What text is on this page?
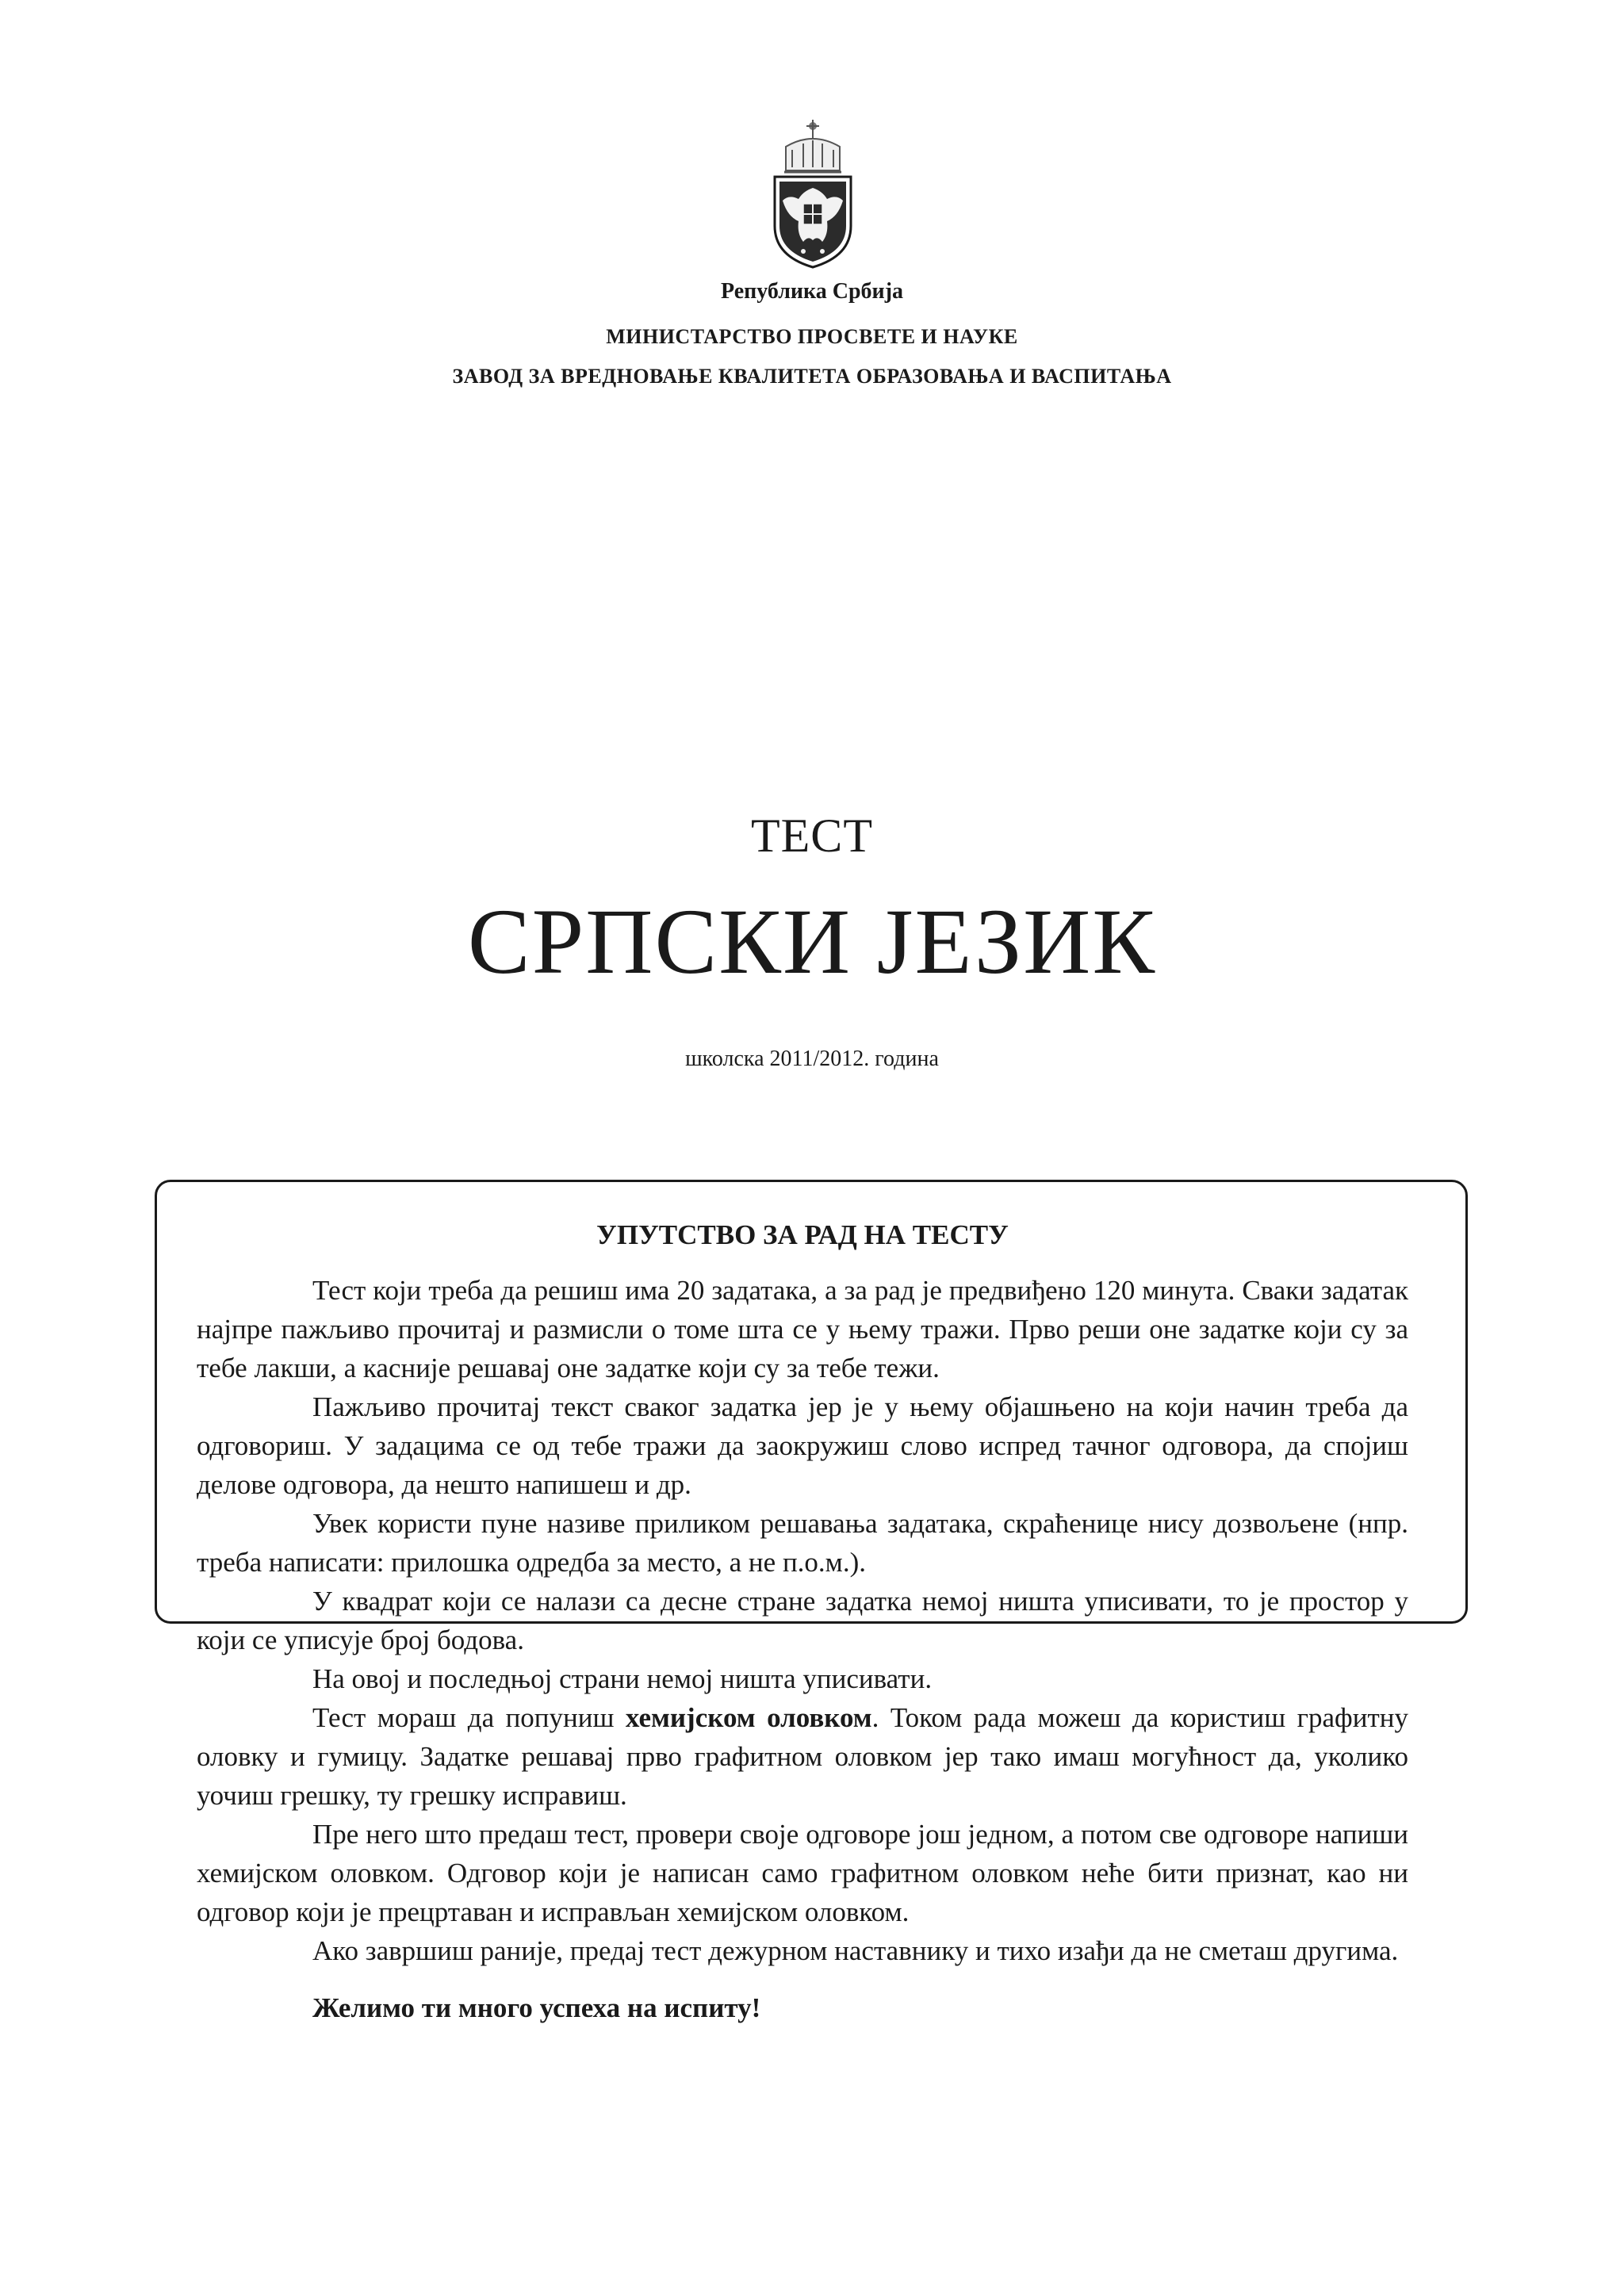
Република Србија
МИНИСТАРСТВО ПРОСВЕТЕ И НАУКЕ
ЗАВОД ЗА ВРЕДНОВАЊЕ КВАЛИТЕТА ОБРАЗОВАЊА И ВАСПИТАЊА
ТЕСТ
СРПСКИ ЈЕЗИК
школска 2011/2012. година
УПУТСТВО ЗА РАД НА ТЕСТУ

Тест који треба да решиш има 20 задатака, а за рад је предвиђено 120 минута. Сваки задатак најпре пажљиво прочитај и размисли о томе шта се у њему тражи. Прво реши оне задатке који су за тебе лакши, а касније решавај оне задатке који су за тебе тежи.

Пажљиво прочитај текст сваког задатка јер је у њему објашњено на који начин треба да одговориш. У задацима се од тебе тражи да заокружиш слово испред тачног одговора, да спојиш делове одговора, да нешто напишеш и др.

Увек користи пуне називе приликом решавања задатака, скраћенице нису дозвољене (нпр. треба написати: прилошка одредба за место, а не п.о.м.).

У квадрат који се налази са десне стране задатка немој ништа уписивати, то је простор у који се уписује број бодова.

На овој и последњој страни немој ништа уписивати.

Тест мораш да попуниш хемијском оловком. Током рада можеш да користиш графитну оловку и гумицу. Задатке решавај прво графитном оловком јер тако имаш могућност да, уколико уочиш грешку, ту грешку исправиш.

Пре него што предаш тест, провери своје одговоре још једном, а потом све одговоре напиши хемијском оловком. Одговор који је написан само графитном оловком неће бити признат, као ни одговор који је прецртаван и исправљан хемијском оловком.

Ако завршиш раније, предај тест дежурном наставнику и тихо изађи да не сметаш другима.

Желимо ти много успеха на испиту!
